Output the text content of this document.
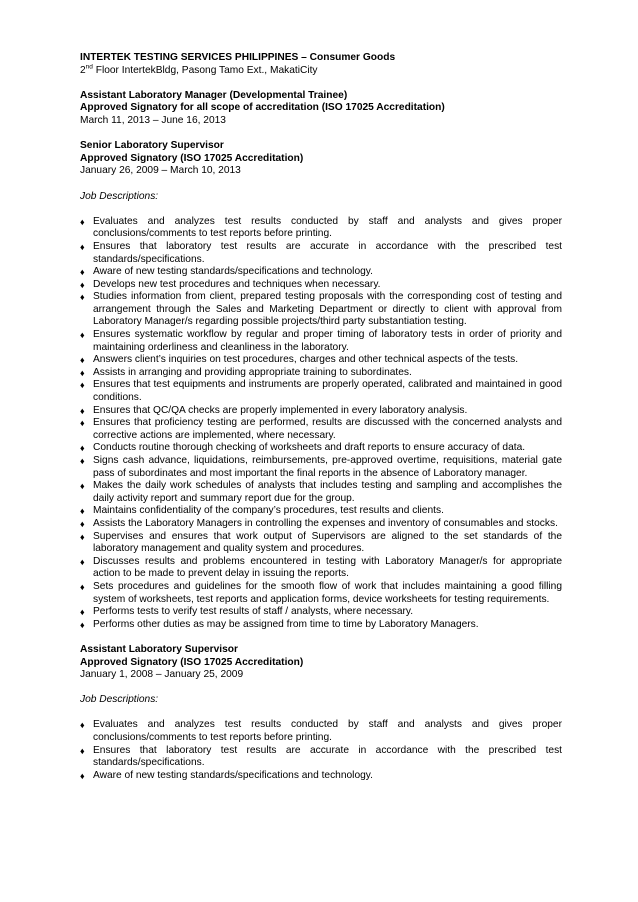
INTERTEK TESTING SERVICES PHILIPPINES – Consumer Goods
2nd Floor IntertekBldg, Pasong Tamo Ext., MakatiCity
Assistant Laboratory Manager (Developmental Trainee)
Approved Signatory for all scope of accreditation (ISO 17025 Accreditation)
March 11, 2013 – June 16, 2013
Senior Laboratory Supervisor
Approved Signatory (ISO 17025 Accreditation)
January 26, 2009 – March 10, 2013
Job Descriptions:
♦ Evaluates and analyzes test results conducted by staff and analysts and gives proper conclusions/comments to test reports before printing.
♦ Ensures that laboratory test results are accurate in accordance with the prescribed test standards/specifications.
♦ Aware of new testing standards/specifications and technology.
♦ Develops new test procedures and techniques when necessary.
♦ Studies information from client, prepared testing proposals with the corresponding cost of testing and arrangement through the Sales and Marketing Department or directly to client with approval from Laboratory Manager/s regarding possible projects/third party substantiation testing.
♦ Ensures systematic workflow by regular and proper timing of laboratory tests in order of priority and maintaining orderliness and cleanliness in the laboratory.
♦ Answers client’s inquiries on test procedures, charges and other technical aspects of the tests.
♦ Assists in arranging and providing appropriate training to subordinates.
♦ Ensures that test equipments and instruments are properly operated, calibrated and maintained in good conditions.
♦ Ensures that QC/QA checks are properly implemented in every laboratory analysis.
♦ Ensures that proficiency testing are performed, results are discussed with the concerned analysts and corrective actions are implemented, where necessary.
♦ Conducts routine thorough checking of worksheets and draft reports to ensure accuracy of data.
♦ Signs cash advance, liquidations, reimbursements, pre-approved overtime, requisitions, material gate pass of subordinates and most important the final reports in the absence of Laboratory manager.
♦ Makes the daily work schedules of analysts that includes testing and sampling and accomplishes the daily activity report and summary report due for the group.
♦ Maintains confidentiality of the company’s procedures, test results and clients.
♦ Assists the Laboratory Managers in controlling the expenses and inventory of consumables and stocks.
♦ Supervises and ensures that work output of Supervisors are aligned to the set standards of the laboratory management and quality system and procedures.
♦ Discusses results and problems encountered in testing with Laboratory Manager/s for appropriate action to be made to prevent delay in issuing the reports.
♦ Sets procedures and guidelines for the smooth flow of work that includes maintaining a good filling system of worksheets, test reports and application forms, device worksheets for testing requirements.
♦ Performs tests to verify test results of staff / analysts, where necessary.
♦ Performs other duties as may be assigned from time to time by Laboratory Managers.
Assistant Laboratory Supervisor
Approved Signatory (ISO 17025 Accreditation)
January 1, 2008 – January 25, 2009
Job Descriptions:
♦ Evaluates and analyzes test results conducted by staff and analysts and gives proper conclusions/comments to test reports before printing.
♦ Ensures that laboratory test results are accurate in accordance with the prescribed test standards/specifications.
♦ Aware of new testing standards/specifications and technology.
